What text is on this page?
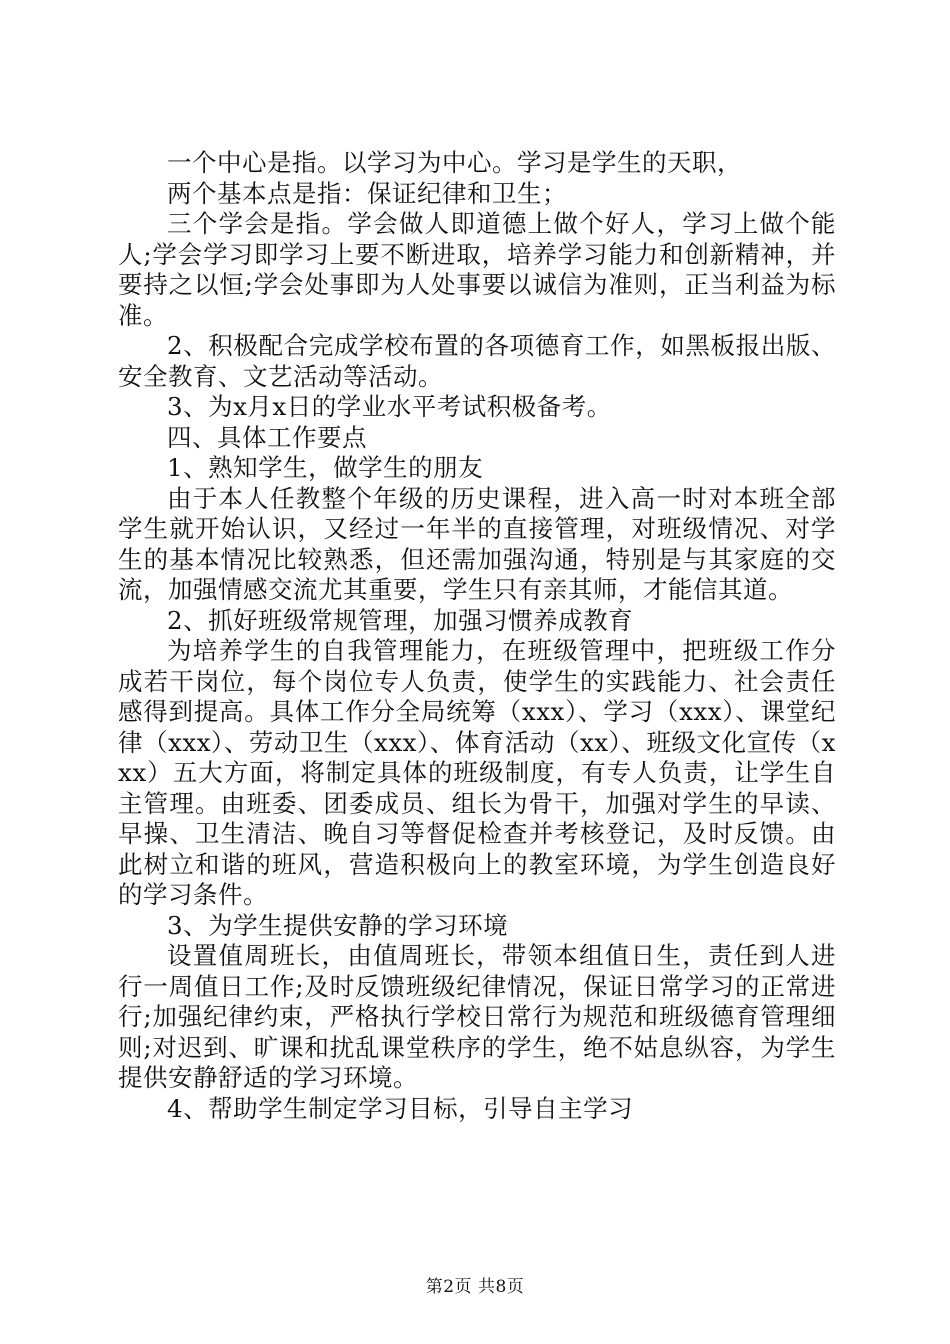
一个中心是指。以学习为中心。学习是学生的天职，

两个基本点是指：保证纪律和卫生；

三个学会是指。学会做人即道德上做个好人，学习上做个能人;学会学习即学习上要不断进取，培养学习能力和创新精神，并要持之以恒;学会处事即为人处事要以诚信为准则，正当利益为标准。

2、积极配合完成学校布置的各项德育工作，如黑板报出版、安全教育、文艺活动等活动。

3、为x月x日的学业水平考试积极备考。

四、具体工作要点

1、熟知学生，做学生的朋友

由于本人任教整个年级的历史课程，进入高一时对本班全部学生就开始认识，又经过一年半的直接管理，对班级情况、对学生的基本情况比较熟悉，但还需加强沟通，特别是与其家庭的交流，加强情感交流尤其重要，学生只有亲其师，才能信其道。

2、抓好班级常规管理，加强习惯养成教育

为培养学生的自我管理能力，在班级管理中，把班级工作分成若干岗位，每个岗位专人负责，使学生的实践能力、社会责任感得到提高。具体工作分全局统筹（xxx）、学习（xxx）、课堂纪律（xxx）、劳动卫生（xxx）、体育活动（xx）、班级文化宣传（xxx）五大方面，将制定具体的班级制度，有专人负责，让学生自主管理。由班委、团委成员、组长为骨干，加强对学生的早读、早操、卫生清洁、晚自习等督促检查并考核登记，及时反馈。由此树立和谐的班风，营造积极向上的教室环境，为学生创造良好的学习条件。

3、为学生提供安静的学习环境

设置值周班长，由值周班长，带领本组值日生，责任到人进行一周值日工作;及时反馈班级纪律情况，保证日常学习的正常进行;加强纪律约束，严格执行学校日常行为规范和班级德育管理细则;对迟到、旷课和扰乱课堂秩序的学生，绝不姑息纵容，为学生提供安静舒适的学习环境。

4、帮助学生制定学习目标，引导自主学习

第2页 共8页
